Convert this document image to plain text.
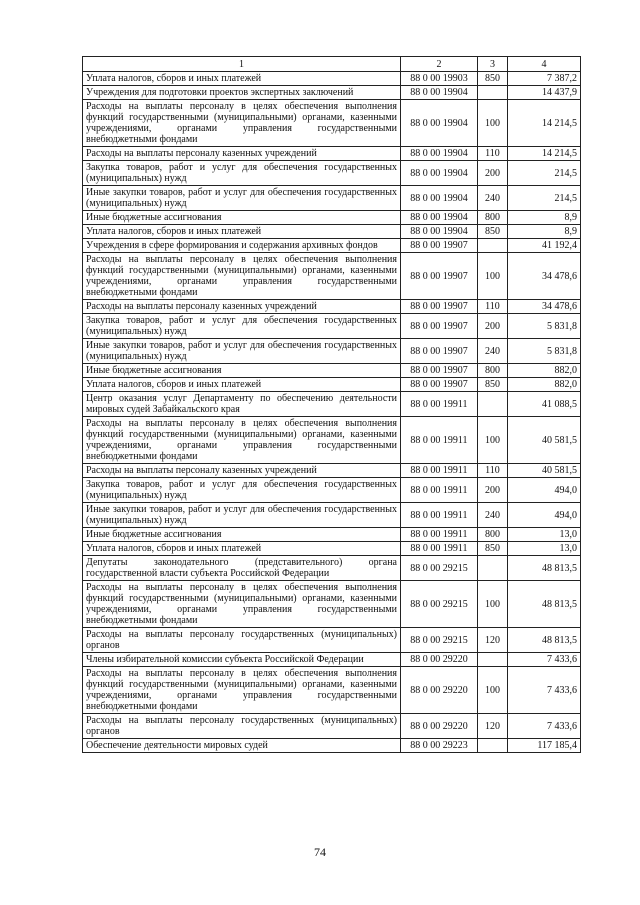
1	2	3	4
Уплата налогов, сборов и иных платежей	88 0 00 19903	850	7 387,2
Учреждения для подготовки проектов экспертных заключений	88 0 00 19904		14 437,9
Расходы на выплаты персоналу в целях обеспечения выполнения функций государственными (муниципальными) органами, казенными учреждениями, органами управления государственными внебюджетными фондами	88 0 00 19904	100	14 214,5
Расходы на выплаты персоналу казенных учреждений	88 0 00 19904	110	14 214,5
Закупка товаров, работ и услуг для обеспечения государственных (муниципальных) нужд	88 0 00 19904	200	214,5
Иные закупки товаров, работ и услуг для обеспечения государственных (муниципальных) нужд	88 0 00 19904	240	214,5
Иные бюджетные ассигнования	88 0 00 19904	800	8,9
Уплата налогов, сборов и иных платежей	88 0 00 19904	850	8,9
Учреждения в сфере формирования и содержания архивных фондов	88 0 00 19907		41 192,4
Расходы на выплаты персоналу в целях обеспечения выполнения функций государственными (муниципальными) органами, казенными учреждениями, органами управления государственными внебюджетными фондами	88 0 00 19907	100	34 478,6
Расходы на выплаты персоналу казенных учреждений	88 0 00 19907	110	34 478,6
Закупка товаров, работ и услуг для обеспечения государственных (муниципальных) нужд	88 0 00 19907	200	5 831,8
Иные закупки товаров, работ и услуг для обеспечения государственных (муниципальных) нужд	88 0 00 19907	240	5 831,8
Иные бюджетные ассигнования	88 0 00 19907	800	882,0
Уплата налогов, сборов и иных платежей	88 0 00 19907	850	882,0
Центр оказания услуг Департаменту по обеспечению деятельности мировых судей Забайкальского края	88 0 00 19911		41 088,5
Расходы на выплаты персоналу в целях обеспечения выполнения функций государственными (муниципальными) органами, казенными учреждениями, органами управления государственными внебюджетными фондами	88 0 00 19911	100	40 581,5
Расходы на выплаты персоналу казенных учреждений	88 0 00 19911	110	40 581,5
Закупка товаров, работ и услуг для обеспечения государственных (муниципальных) нужд	88 0 00 19911	200	494,0
Иные закупки товаров, работ и услуг для обеспечения государственных (муниципальных) нужд	88 0 00 19911	240	494,0
Иные бюджетные ассигнования	88 0 00 19911	800	13,0
Уплата налогов, сборов и иных платежей	88 0 00 19911	850	13,0
Депутаты законодательного (представительного) органа государственной власти субъекта Российской Федерации	88 0 00 29215		48 813,5
Расходы на выплаты персоналу в целях обеспечения выполнения функций государственными (муниципальными) органами, казенными учреждениями, органами управления государственными внебюджетными фондами	88 0 00 29215	100	48 813,5
Расходы на выплаты персоналу государственных (муниципальных) органов	88 0 00 29215	120	48 813,5
Члены избирательной комиссии субъекта Российской Федерации	88 0 00 29220		7 433,6
Расходы на выплаты персоналу в целях обеспечения выполнения функций государственными (муниципальными) органами, казенными учреждениями, органами управления государственными внебюджетными фондами	88 0 00 29220	100	7 433,6
Расходы на выплаты персоналу государственных (муниципальных) органов	88 0 00 29220	120	7 433,6
Обеспечение деятельности мировых судей	88 0 00 29223		117 185,4
74
